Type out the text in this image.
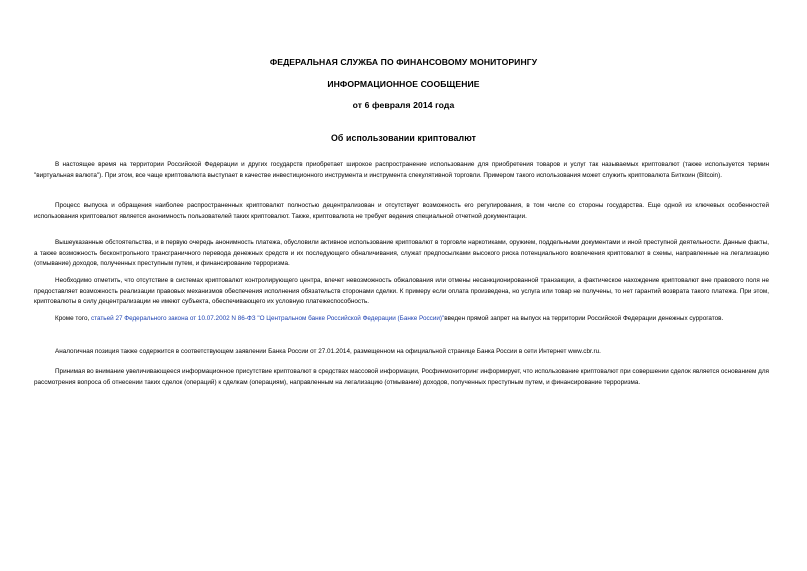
ФЕДЕРАЛЬНАЯ СЛУЖБА ПО ФИНАНСОВОМУ МОНИТОРИНГУ
ИНФОРМАЦИОННОЕ СООБЩЕНИЕ
от 6 февраля 2014 года
Об использовании криптовалют

В настоящее время на территории Российской Федерации и других государств приобретает широкое распространение использование для приобретения товаров и услуг так называемых криптовалют (также используется термин "виртуальная валюта"). При этом, все чаще криптовалюта выступает в качестве инвестиционного инструмента и инструмента спекулятивной торговли. Примером такого использования может служить криптовалюта Биткоин (Bitcoin).

Процесс выпуска и обращения наиболее распространенных криптовалют полностью децентрализован и отсутствует возможность его регулирования, в том числе со стороны государства. Еще одной из ключевых особенностей использования криптовалют является анонимность пользователей таких криптовалют. Также, криптовалюта не требует ведения специальной отчетной документации.

Вышеуказанные обстоятельства, и в первую очередь анонимность платежа, обусловили активное использование криптовалют в торговле наркотиками, оружием, поддельными документами и иной преступной деятельности. Данные факты, а также возможность бесконтрольного трансграничного перевода денежных средств и их последующего обналичивания, служат предпосылками высокого риска потенциального вовлечения криптовалют в схемы, направленные на легализацию (отмывание) доходов, полученных преступным путем, и финансирование терроризма.

Необходимо отметить, что отсутствие в системах криптовалют контролирующего центра, влечет невозможность обжалования или отмены несанкционированной транзакции, а фактическое нахождение криптовалют вне правового поля не предоставляет возможность реализации правовых механизмов обеспечения исполнения обязательств сторонами сделки. К примеру если оплата произведена, но услуга или товар не получены, то нет гарантий возврата такого платежа. При этом, криптовалюты в силу децентрализации не имеют субъекта, обеспечивающего их условную платежеспособность.

Кроме того, статьей 27 Федерального закона от 10.07.2002 N 86-ФЗ "О Центральном банке Российской Федерации (Банке России)"введен прямой запрет на выпуск на территории Российской Федерации денежных суррогатов.

Аналогичная позиция также содержится в соответствующем заявлении Банка России от 27.01.2014, размещенном на официальной странице Банка России в сети Интернет www.cbr.ru.

Принимая во внимание увеличивающееся информационное присутствие криптовалют в средствах массовой информации, Росфинмониторинг информирует, что использование криптовалют при совершении сделок является основанием для рассмотрения вопроса об отнесении таких сделок (операций) к сделкам (операциям), направленным на легализацию (отмывание) доходов, полученных преступным путем, и финансирование терроризма.
